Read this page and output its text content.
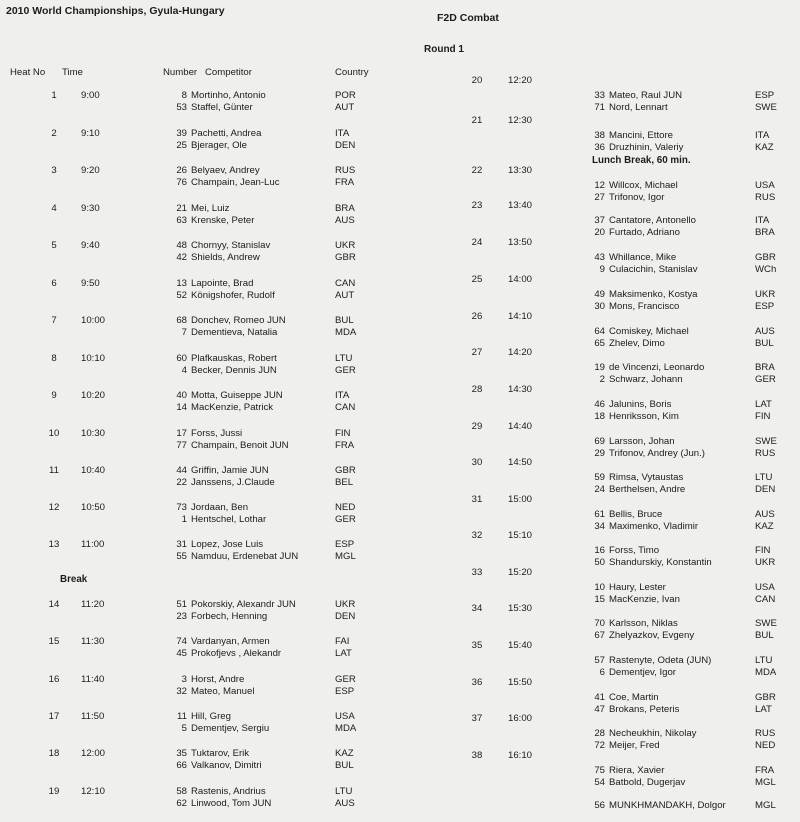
2010 World Championships, Gyula-Hungary
F2D Combat
Round 1
Heat No Time	Number Competitor	Country
1	9:00	8 Mortinho, Antonio	POR
53 Staffel, Günter	AUT
2	9:10	39 Pachetti, Andrea	ITA
25 Bjerager, Ole	DEN
3	9:20	26 Belyaev, Andrey	RUS
76 Champain, Jean-Luc	FRA
4	9:30	21 Mei, Luiz	BRA
63 Krenske, Peter	AUS
5	9:40	48 Chornyy, Stanislav	UKR
42 Shields, Andrew	GBR
6	9:50	13 Lapointe, Brad	CAN
52 Königshofer, Rudolf	AUT
7	10:00	68 Donchev, Romeo JUN	BUL
7 Dementieva, Natalia	MDA
8	10:10	60 Plafkauskas, Robert	LTU
4 Becker, Dennis JUN	GER
9	10:20	40 Motta, Guiseppe JUN	ITA
14 MacKenzie, Patrick	CAN
10	10:30	17 Forss, Jussi	FIN
77 Champain, Benoit JUN	FRA
11	10:40	44 Griffin, Jamie JUN	GBR
22 Janssens, J.Claude	BEL
12	10:50	73 Jordaan, Ben	NED
1 Hentschel, Lothar	GER
13	11:00	31 Lopez, Jose Luis	ESP
55 Namduu, Erdenebat JUN	MGL
14	11:20	51 Pokorskiy, Alexandr JUN	UKR
23 Forbech, Henning	DEN
15	11:30	74 Vardanyan, Armen	FAI
45 Prokofjevs , Alekandr	LAT
16	11:40	3 Horst, Andre	GER
32 Mateo, Manuel	ESP
17	11:50	11 Hill, Greg	USA
5 Dementjev, Sergiu	MDA
18	12:00	35 Tuktarov, Erik	KAZ
66 Valkanov, Dimitri	BUL
19	12:10	58 Rastenis, Andrius	LTU
62 Linwood, Tom JUN	AUS
20	12:20
33 Mateo, Raul JUN	ESP
71 Nord, Lennart	SWE
21	12:30
38 Mancini, Ettore	ITA
36 Druzhinin, Valeriy	KAZ
22	13:30
12 Willcox, Michael	USA
27 Trifonov, Igor	RUS
23	13:40
37 Cantatore, Antonello	ITA
20 Furtado, Adriano	BRA
24	13:50
43 Whillance, Mike	GBR
9 Culacichin, Stanislav	WCh
25	14:00
49 Maksimenko, Kostya	UKR
30 Mons, Francisco	ESP
26	14:10
64 Comiskey, Michael	AUS
65 Zhelev, Dimo	BUL
27	14:20
19 de Vincenzi, Leonardo	BRA
2 Schwarz, Johann	GER
28	14:30
46 Jalunins, Boris	LAT
18 Henriksson, Kim	FIN
29	14:40
69 Larsson, Johan	SWE
29 Trifonov, Andrey (Jun.)	RUS
30	14:50
59 Rimsa, Vytaustas	LTU
24 Berthelsen, Andre	DEN
31	15:00
61 Bellis, Bruce	AUS
34 Maximenko, Vladimir	KAZ
32	15:10
16 Forss, Timo	FIN
50 Shandurskiy, Konstantin	UKR
33	15:20
10 Haury, Lester	USA
15 MacKenzie, Ivan	CAN
34	15:30
70 Karlsson, Niklas	SWE
67 Zhelyazkov, Evgeny	BUL
35	15:40
57 Rastenyte, Odeta (JUN)	LTU
6 Dementjev, Igor	MDA
36	15:50
41 Coe, Martin	GBR
47 Brokans, Peteris	LAT
37	16:00
28 Necheukhin, Nikolay	RUS
72 Meijer, Fred	NED
38	16:10
75 Riera, Xavier	FRA
54 Batbold, Dugerjav	MGL
Break
Lunch Break, 60 min.
56 MUNKHMANDAKH, Dolgor	MGL
